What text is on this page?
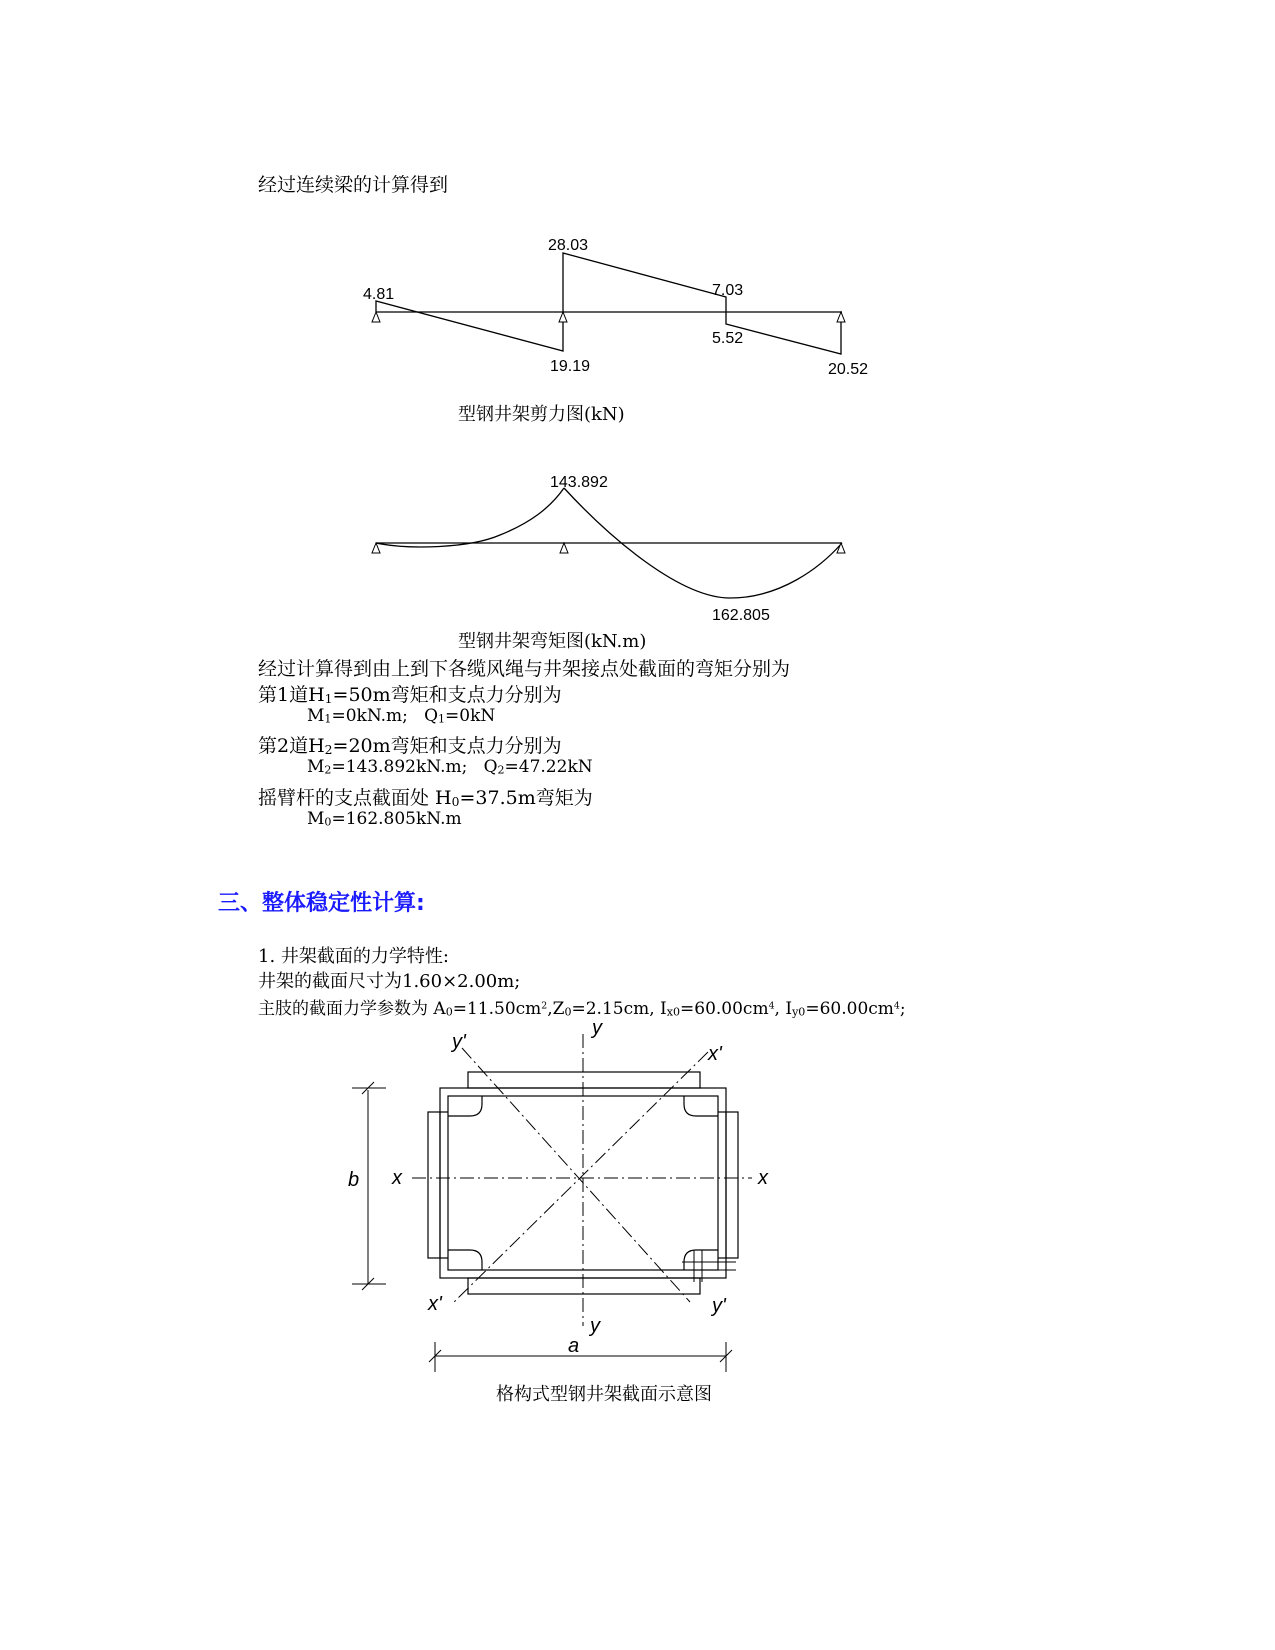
经过连续梁的计算得到
4.81
28.03
19.19
7.03
5.52
20.52
型钢井架剪力图(kN)
143.892
162.805
型钢井架弯矩图(kN.m)
经过计算得到由上到下各缆风绳与井架接点处截面的弯矩分别为
第1道$H_1=50m$弯矩和支点力分别为
$M_1=0kN.m$; $Q_1=0kN$
第2道$H_2=20m$弯矩和支点力分别为
$M_2=143.892kN.m$; $Q_2=47.22kN$
摇臂杆的支点截面处 $H_0=37.5m$弯矩为
$M_0=162.805kN.m$
三、整体稳定性计算:
1. 井架截面的力学特性:
井架的截面尺寸为1.60×2.00m;
主肢的截面力学参数为 $A_0=11.50cm^2,Z_0=2.15cm$, $I_{x0}=60.00cm^4$, $I_{y0}=60.00cm^4$;
y
y
x	x
y'
x'
x'	y'
b
a
格构式型钢井架截面示意图
